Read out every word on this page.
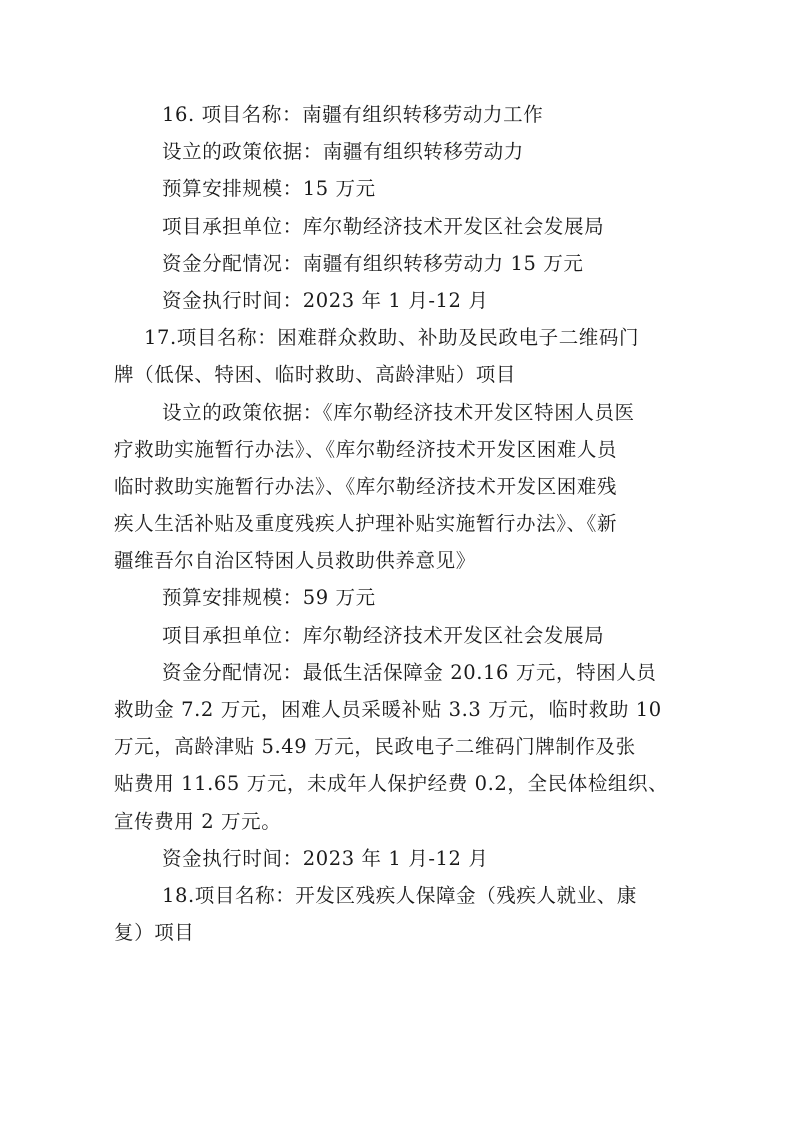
16. 项目名称：南疆有组织转移劳动力工作
设立的政策依据：南疆有组织转移劳动力
预算安排规模：15 万元
项目承担单位：库尔勒经济技术开发区社会发展局
资金分配情况：南疆有组织转移劳动力 15 万元
资金执行时间：2023 年 1 月-12 月
17.项目名称：困难群众救助、补助及民政电子二维码门
牌（低保、特困、临时救助、高龄津贴）项目
设立的政策依据：《库尔勒经济技术开发区特困人员医
疗救助实施暂行办法》、《库尔勒经济技术开发区困难人员
临时救助实施暂行办法》、《库尔勒经济技术开发区困难残
疾人生活补贴及重度残疾人护理补贴实施暂行办法》、《新
疆维吾尔自治区特困人员救助供养意见》
预算安排规模：59 万元
项目承担单位：库尔勒经济技术开发区社会发展局
资金分配情况：最低生活保障金 20.16 万元，特困人员
救助金 7.2 万元，困难人员采暖补贴 3.3 万元，临时救助 10
万元，高龄津贴 5.49 万元，民政电子二维码门牌制作及张
贴费用 11.65 万元，未成年人保护经费 0.2，全民体检组织、
宣传费用 2 万元。
资金执行时间：2023 年 1 月-12 月
18.项目名称：开发区残疾人保障金（残疾人就业、康
复）项目
